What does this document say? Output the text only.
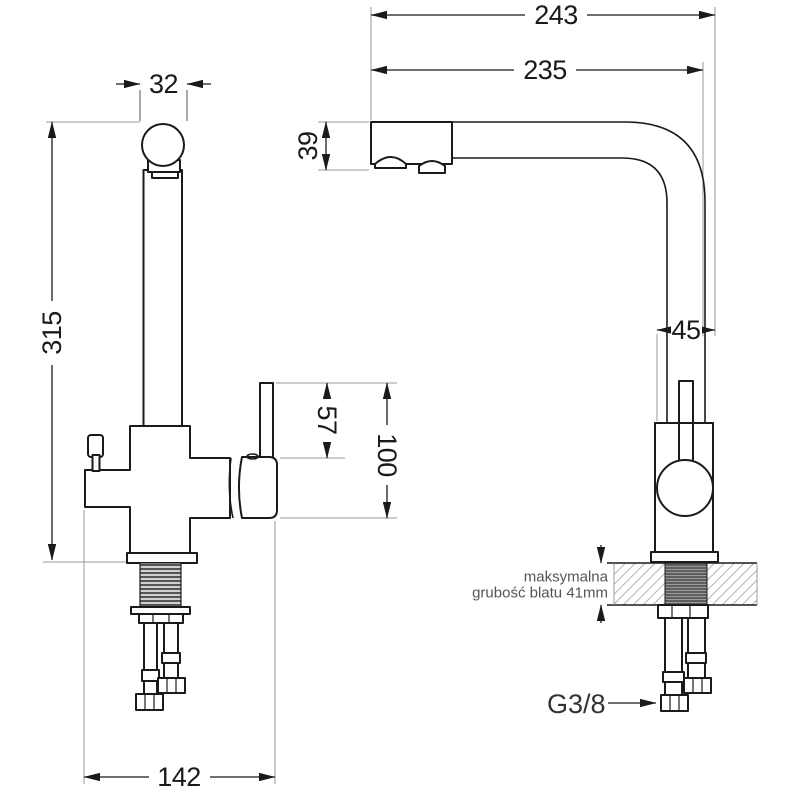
32
315
57
100
142
maksymalna
grubość blatu 41mm
243
235
39
45
G3/8
